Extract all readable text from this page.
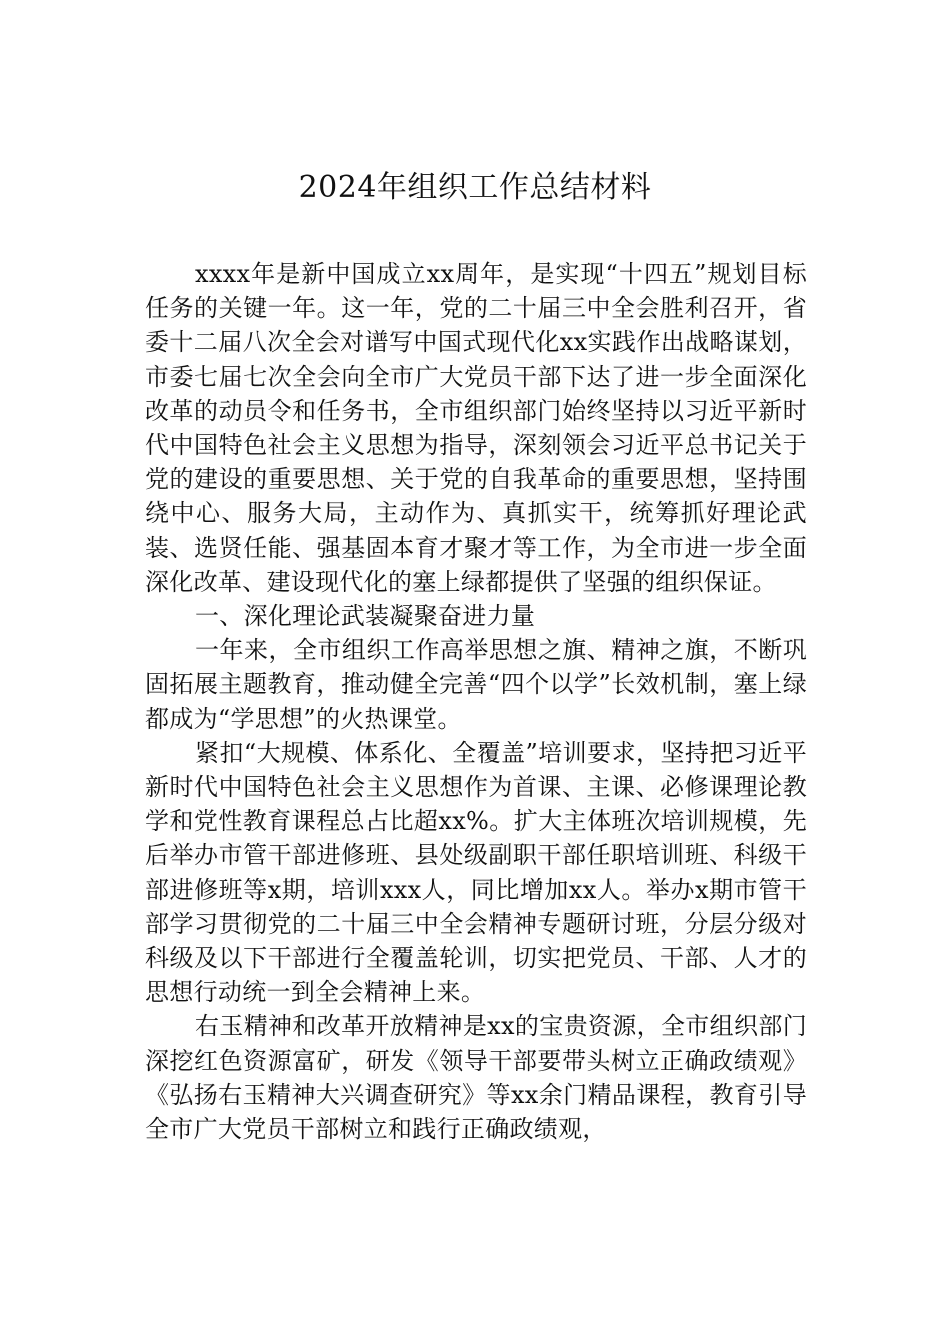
2024年组织工作总结材料

xxxx年是新中国成立xx周年，是实现“十四五”规划目标任务的关键一年。这一年，党的二十届三中全会胜利召开，省委十二届八次全会对谱写中国式现代化xx实践作出战略谋划，市委七届七次全会向全市广大党员干部下达了进一步全面深化改革的动员令和任务书，全市组织部门始终坚持以习近平新时代中国特色社会主义思想为指导，深刻领会习近平总书记关于党的建设的重要思想、关于党的自我革命的重要思想，坚持围绕中心、服务大局，主动作为、真抓实干，统筹抓好理论武装、选贤任能、强基固本育才聚才等工作，为全市进一步全面深化改革、建设现代化的塞上绿都提供了坚强的组织保证。

一、深化理论武装凝聚奋进力量

一年来，全市组织工作高举思想之旗、精神之旗，不断巩固拓展主题教育，推动健全完善“四个以学”长效机制，塞上绿都成为“学思想”的火热课堂。

紧扣“大规模、体系化、全覆盖”培训要求，坚持把习近平新时代中国特色社会主义思想作为首课、主课、必修课理论教学和党性教育课程总占比超xx%。扩大主体班次培训规模，先后举办市管干部进修班、县处级副职干部任职培训班、科级干部进修班等x期，培训xxx人，同比增加xx人。举办x期市管干部学习贯彻党的二十届三中全会精神专题研讨班，分层分级对科级及以下干部进行全覆盖轮训，切实把党员、干部、人才的思想行动统一到全会精神上来。

右玉精神和改革开放精神是xx的宝贵资源，全市组织部门深挖红色资源富矿，研发《领导干部要带头树立正确政绩观》《弘扬右玉精神大兴调查研究》等xx余门精品课程，教育引导全市广大党员干部树立和践行正确政绩观，
